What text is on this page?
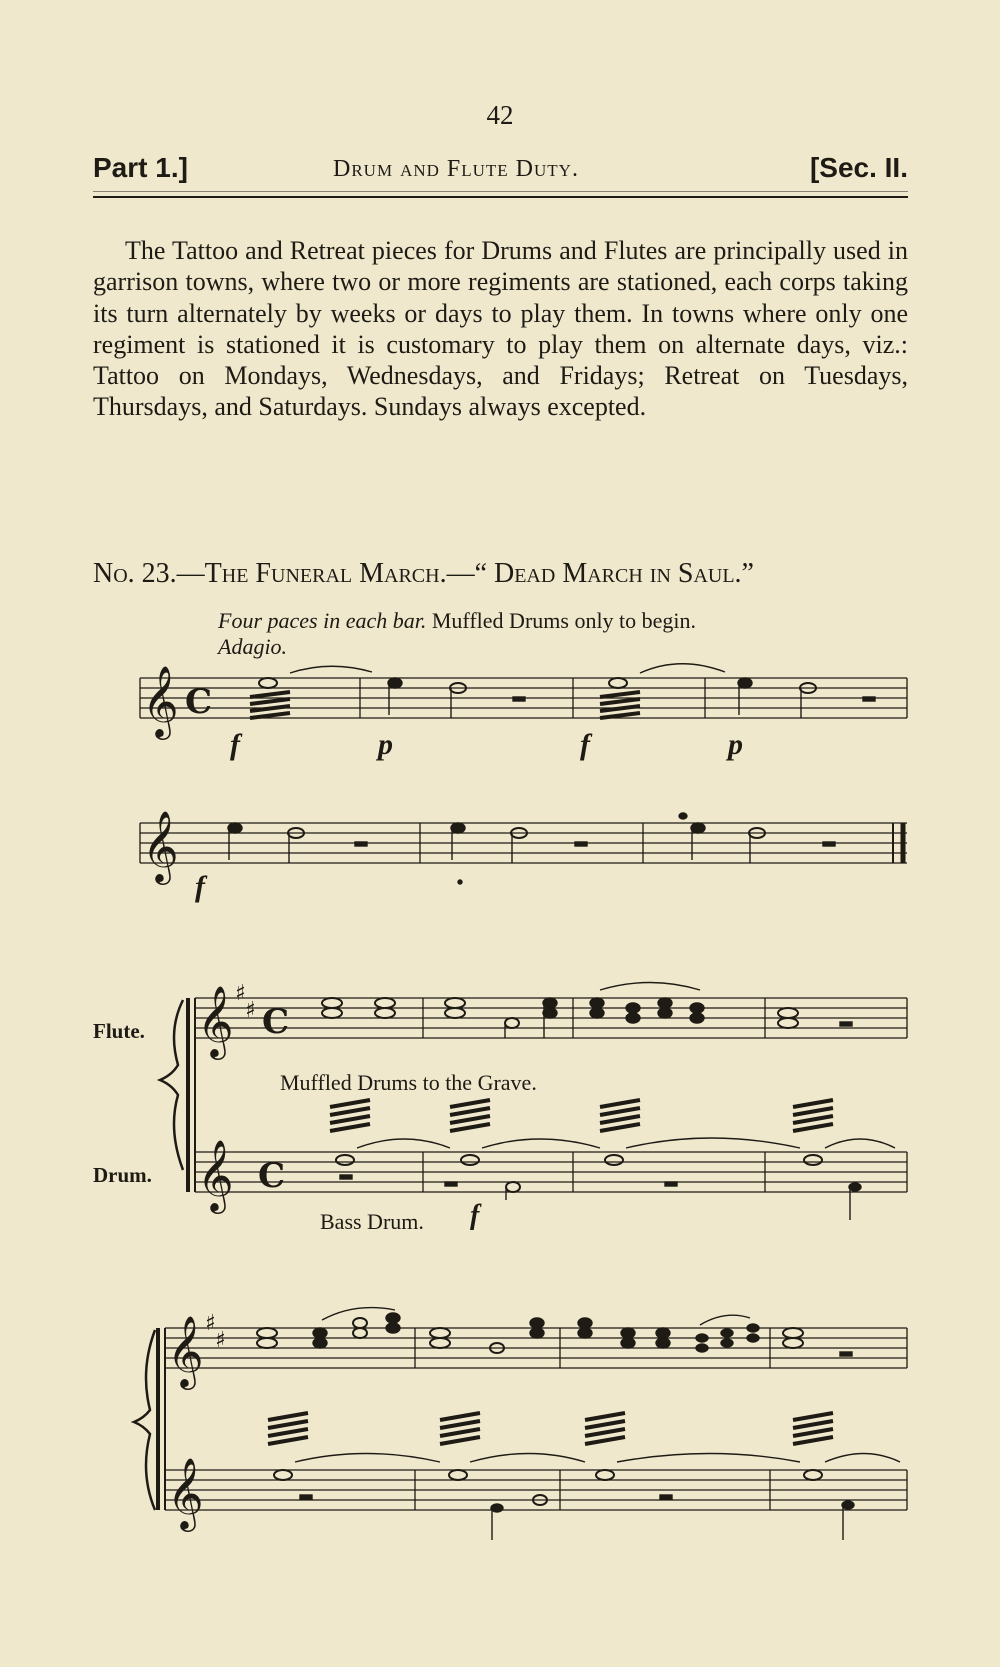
42
Part 1.]	Drum and Flute Duty.	[Sec. II.

The Tattoo and Retreat pieces for Drums and Flutes are principally used in garrison towns, where two or more regiments are stationed, each corps taking its turn alternately by weeks or days to play them. In towns where only one regiment is stationed it is customary to play them on alternate days, viz.: Tattoo on Mondays, Wednesdays, and Fridays; Retreat on Tuesdays, Thursdays, and Saturdays. Sundays always excepted.

No. 23.—The Funeral March.—“ Dead March in Saul.”
Four paces in each bar. Muffled Drums only to begin.
Adagio.
𝄞 C
𝄞
𝄞 ♯
♯ C
𝄞 C
𝄞 ♯
♯
𝄞
f	p	f	p
f
Flute.
Drum.
Muffled Drums to the Grave.
Bass Drum. f
